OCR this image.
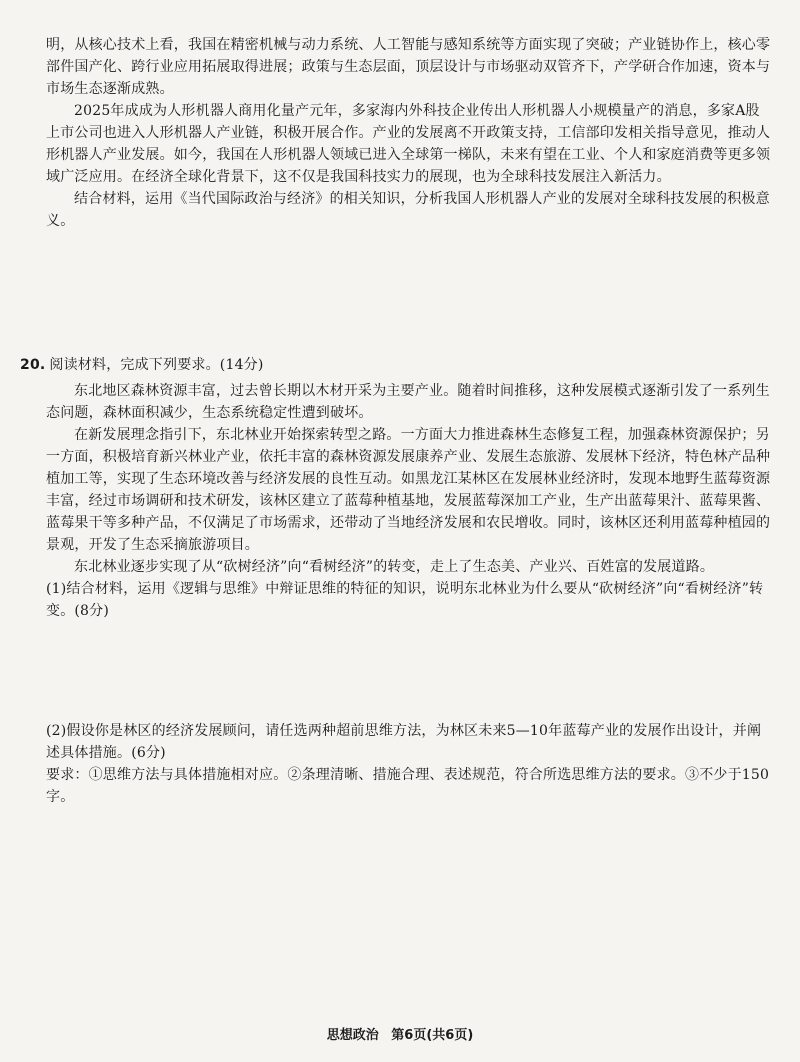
明，从核心技术上看，我国在精密机械与动力系统、人工智能与感知系统等方面实现了突破；产业链协作上，核心零部件国产化、跨行业应用拓展取得进展；政策与生态层面，顶层设计与市场驱动双管齐下，产学研合作加速，资本与市场生态逐渐成熟。

2025年成成为人形机器人商用化量产元年，多家海内外科技企业传出人形机器人小规模量产的消息，多家A股上市公司也进入人形机器人产业链，积极开展合作。产业的发展离不开政策支持，工信部印发相关指导意见，推动人形机器人产业发展。如今，我国在人形机器人领域已进入全球第一梯队，未来有望在工业、个人和家庭消费等更多领域广泛应用。在经济全球化背景下，这不仅是我国科技实力的展现，也为全球科技发展注入新活力。

结合材料，运用《当代国际政治与经济》的相关知识，分析我国人形机器人产业的发展对全球科技发展的积极意义。

20. 阅读材料，完成下列要求。(14分)

东北地区森林资源丰富，过去曾长期以木材开采为主要产业。随着时间推移，这种发展模式逐渐引发了一系列生态问题，森林面积减少，生态系统稳定性遭到破坏。

在新发展理念指引下，东北林业开始探索转型之路。一方面大力推进森林生态修复工程，加强森林资源保护；另一方面，积极培育新兴林业产业，依托丰富的森林资源发展康养产业、发展生态旅游、发展林下经济，特色林产品种植加工等，实现了生态环境改善与经济发展的良性互动。如黑龙江某林区在发展林业经济时，发现本地野生蓝莓资源丰富，经过市场调研和技术研发，该林区建立了蓝莓种植基地，发展蓝莓深加工产业，生产出蓝莓果汁、蓝莓果酱、蓝莓果干等多种产品，不仅满足了市场需求，还带动了当地经济发展和农民增收。同时，该林区还利用蓝莓种植园的景观，开发了生态采摘旅游项目。

东北林业逐步实现了从“砍树经济”向“看树经济”的转变，走上了生态美、产业兴、百姓富的发展道路。

(1)结合材料，运用《逻辑与思维》中辩证思维的特征的知识，说明东北林业为什么要从“砍树经济”向“看树经济”转变。(8分)

(2)假设你是林区的经济发展顾问，请任选两种超前思维方法，为林区未来5—10年蓝莓产业的发展作出设计，并阐述具体措施。(6分)

要求：①思维方法与具体措施相对应。②条理清晰、措施合理、表述规范，符合所选思维方法的要求。③不少于150字。

思想政治 第6页(共6页)
